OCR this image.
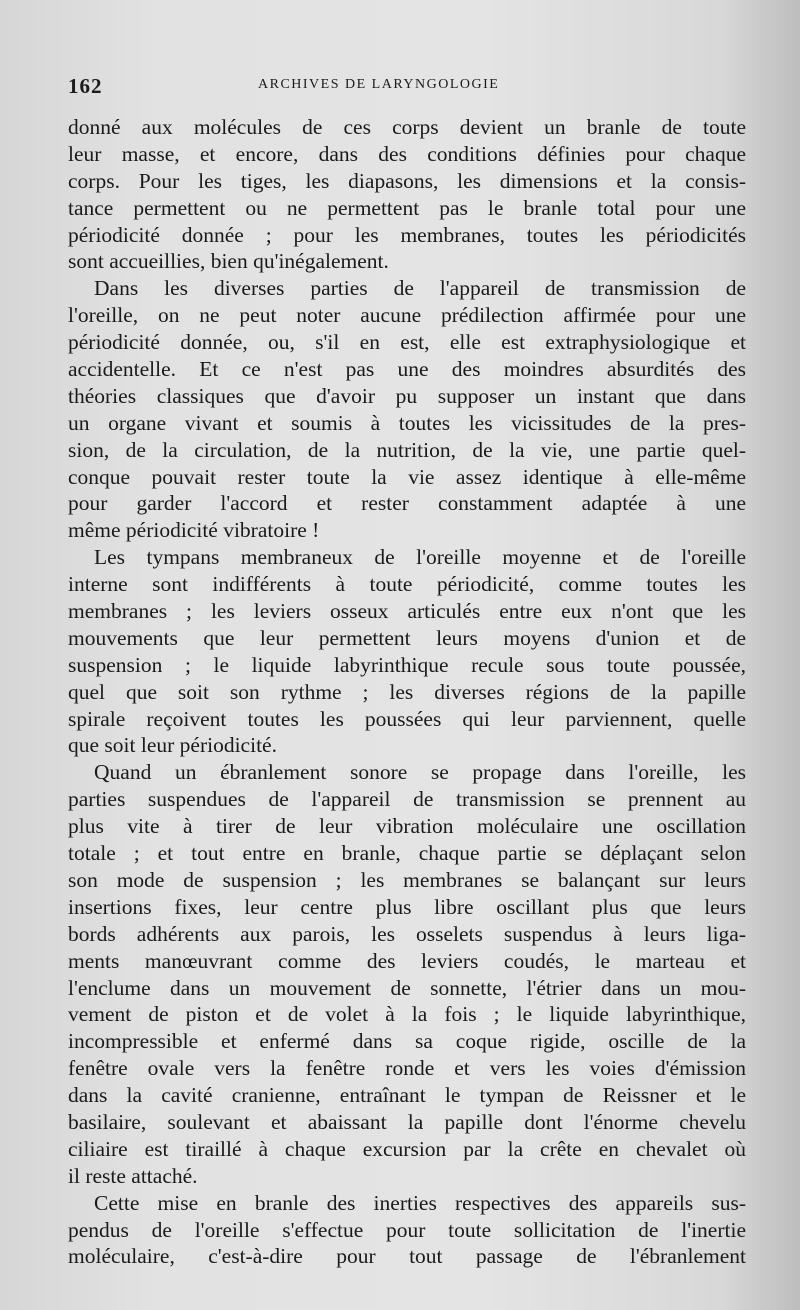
162	ARCHIVES DE LARYNGOLOGIE
donné aux molécules de ces corps devient un branle de toute
leur masse, et encore, dans des conditions définies pour chaque
corps. Pour les tiges, les diapasons, les dimensions et la consis-
tance permettent ou ne permettent pas le branle total pour une
périodicité donnée ; pour les membranes, toutes les périodicités
sont accueillies, bien qu'inégalement.
Dans les diverses parties de l'appareil de transmission de
l'oreille, on ne peut noter aucune prédilection affirmée pour une
périodicité donnée, ou, s'il en est, elle est extraphysiologique et
accidentelle. Et ce n'est pas une des moindres absurdités des
théories classiques que d'avoir pu supposer un instant que dans
un organe vivant et soumis à toutes les vicissitudes de la pres-
sion, de la circulation, de la nutrition, de la vie, une partie quel-
conque pouvait rester toute la vie assez identique à elle-même
pour garder l'accord et rester constamment adaptée à une
même périodicité vibratoire !
Les tympans membraneux de l'oreille moyenne et de l'oreille
interne sont indifférents à toute périodicité, comme toutes les
membranes ; les leviers osseux articulés entre eux n'ont que les
mouvements que leur permettent leurs moyens d'union et de
suspension ; le liquide labyrinthique recule sous toute poussée,
quel que soit son rythme ; les diverses régions de la papille
spirale reçoivent toutes les poussées qui leur parviennent, quelle
que soit leur périodicité.
Quand un ébranlement sonore se propage dans l'oreille, les
parties suspendues de l'appareil de transmission se prennent au
plus vite à tirer de leur vibration moléculaire une oscillation
totale ; et tout entre en branle, chaque partie se déplaçant selon
son mode de suspension ; les membranes se balançant sur leurs
insertions fixes, leur centre plus libre oscillant plus que leurs
bords adhérents aux parois, les osselets suspendus à leurs liga-
ments manœuvrant comme des leviers coudés, le marteau et
l'enclume dans un mouvement de sonnette, l'étrier dans un mou-
vement de piston et de volet à la fois ; le liquide labyrinthique,
incompressible et enfermé dans sa coque rigide, oscille de la
fenêtre ovale vers la fenêtre ronde et vers les voies d'émission
dans la cavité cranienne, entraînant le tympan de Reissner et le
basilaire, soulevant et abaissant la papille dont l'énorme chevelu
ciliaire est tiraillé à chaque excursion par la crête en chevalet où
il reste attaché.
Cette mise en branle des inerties respectives des appareils sus-
pendus de l'oreille s'effectue pour toute sollicitation de l'inertie
moléculaire, c'est-à-dire pour tout passage de l'ébranlement
